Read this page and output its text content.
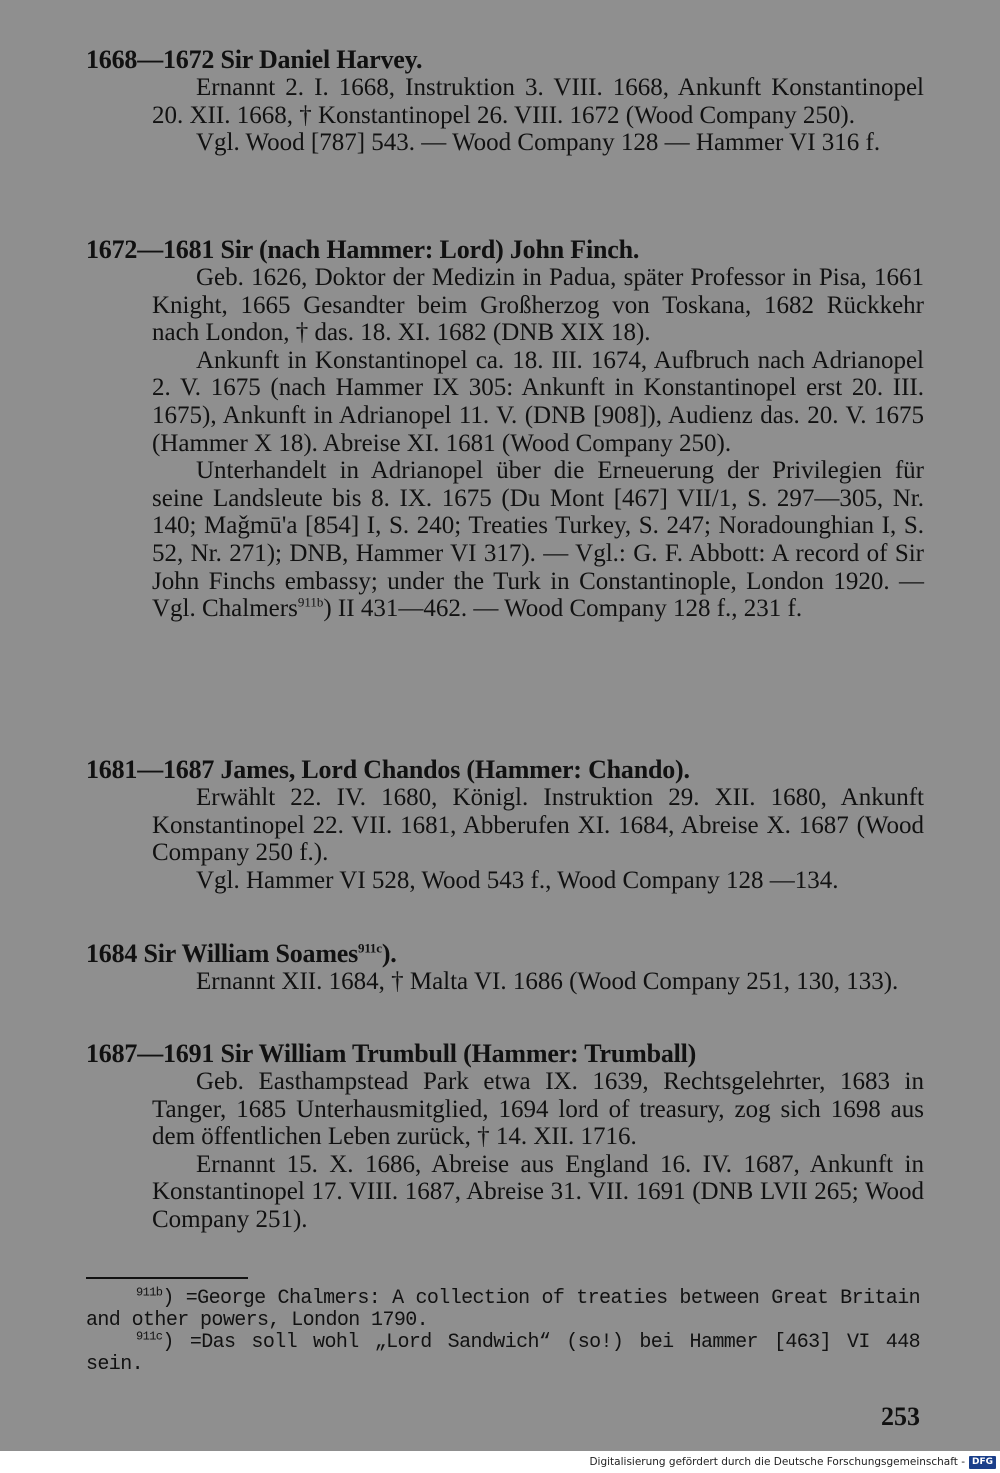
1668—1672 Sir Daniel Harvey.
Ernannt 2. I. 1668, Instruktion 3. VIII. 1668, Ankunft Konstantinopel 20. XII. 1668, † Konstantinopel 26. VIII. 1672 (Wood Company 250).
Vgl. Wood [787] 543. — Wood Company 128 — Hammer VI 316 f.
1672—1681 Sir (nach Hammer: Lord) John Finch.
Geb. 1626, Doktor der Medizin in Padua, später Professor in Pisa, 1661 Knight, 1665 Gesandter beim Großherzog von Toskana, 1682 Rückkehr nach London, † das. 18. XI. 1682 (DNB XIX 18).
Ankunft in Konstantinopel ca. 18. III. 1674, Aufbruch nach Adrianopel 2. V. 1675 (nach Hammer IX 305: Ankunft in Konstantinopel erst 20. III. 1675), Ankunft in Adrianopel 11. V. (DNB [908]), Audienz das. 20. V. 1675 (Hammer X 18). Abreise XI. 1681 (Wood Company 250).
Unterhandelt in Adrianopel über die Erneuerung der Privilegien für seine Landsleute bis 8. IX. 1675 (Du Mont [467] VII/1, S. 297—305, Nr. 140; Maǧmū'a [854] I, S. 240; Treaties Turkey, S. 247; Noradounghian I, S. 52, Nr. 271); DNB, Hammer VI 317). — Vgl.: G. F. Abbott: A record of Sir John Finchs embassy; under the Turk in Constantinople, London 1920. — Vgl. Chalmers$^{911b}$) II 431—462. — Wood Company 128 f., 231 f.
1681—1687 James, Lord Chandos (Hammer: Chando).
Erwählt 22. IV. 1680, Königl. Instruktion 29. XII. 1680, Ankunft Konstantinopel 22. VII. 1681, Abberufen XI. 1684, Abreise X. 1687 (Wood Company 250 f.).
Vgl. Hammer VI 528, Wood 543 f., Wood Company 128 —134.
1684 Sir William Soames$^{911c}$).
Ernannt XII. 1684, † Malta VI. 1686 (Wood Company 251, 130, 133).
1687—1691 Sir William Trumbull (Hammer: Trumball)
Geb. Easthampstead Park etwa IX. 1639, Rechtsgelehrter, 1683 in Tanger, 1685 Unterhausmitglied, 1694 lord of treasury, zog sich 1698 aus dem öffentlichen Leben zurück, † 14. XII. 1716.
Ernannt 15. X. 1686, Abreise aus England 16. IV. 1687, Ankunft in Konstantinopel 17. VIII. 1687, Abreise 31. VII. 1691 (DNB LVII 265; Wood Company 251).
$^{911b}$) =George Chalmers: A collection of treaties between Great Britain and other powers, London 1790.
$^{911c}$) =Das soll wohl „Lord Sandwich“ (so!) bei Hammer [463] VI 448 sein.
253
Digitalisierung gefördert durch die Deutsche Forschungsgemeinschaft - DFG
